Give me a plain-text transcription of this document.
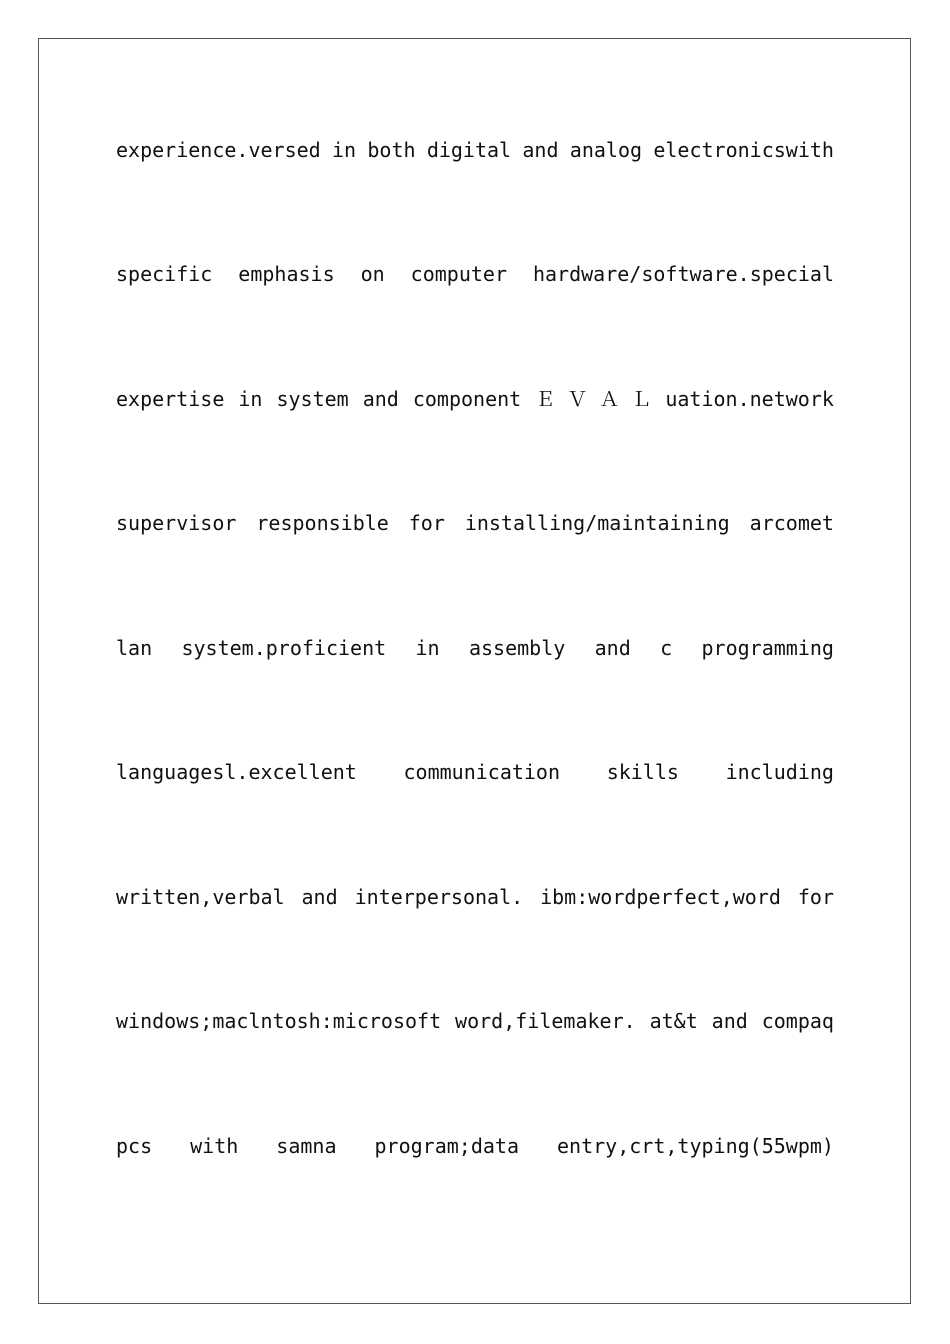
experience.versed in both digital and analog electronicswith
specific emphasis on computer hardware/software.special
expertise in system and component Ｅ Ｖ Ａ Ｌ uation.network
supervisor responsible for installing/maintaining arcomet
lan system.proficient in assembly and c programming
languagesl.excellent communication skills including
written,verbal and interpersonal. ibm:wordperfect,word for
windows;maclntosh:microsoft word,filemaker. at&t and compaq
pcs with samna program;data entry,crt,typing(55wpm)
